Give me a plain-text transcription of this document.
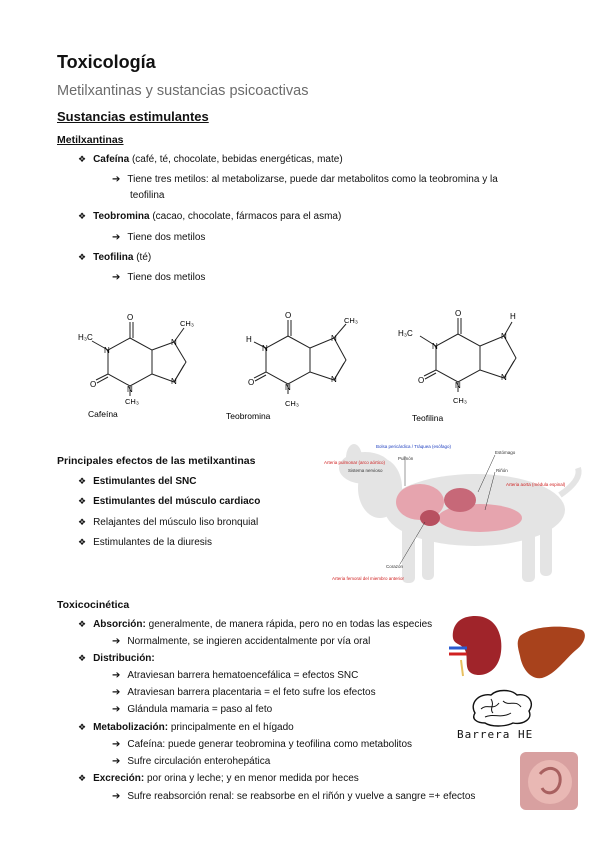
Toxicología
Metilxantinas y sustancias psicoactivas
Sustancias estimulantes
Metilxantinas
❖ Cafeína (café, té, chocolate, bebidas energéticas, mate)
➔ Tiene tres metilos: al metabolizarse, puede dar metabolitos como la teobromina y la
teofilina
❖ Teobromina (cacao, chocolate, fármacos para el asma)
➔ Tiene dos metilos
❖ Teofilina (té)
➔ Tiene dos metilos
O
O
H₃C
N
N
CH₃
N
CH₃
N
Cafeína
O
O
H
N
N
CH₃
N
CH₃
N
Teobromina
O
O
H₃C
N
N
CH₃
N
H
N
Teofilina
Principales efectos de las metilxantinas
❖ Estimulantes del SNC
❖ Estimulantes del músculo cardiaco
❖ Relajantes del músculo liso bronquial
❖ Estimulantes de la diuresis
Bolsa pericárdica / Tráquea (esófago)
Pulmón
Sistema nervioso
Arteria pulmonar (arco aórtico)
Estómago
Riñón
Arteria aorta (médula espinal)
Corazón
Arteria femoral del miembro anterior
Toxicocinética
❖ Absorción: generalmente, de manera rápida, pero no en todas las especies
➔ Normalmente, se ingieren accidentalmente por vía oral
❖ Distribución:
➔ Atraviesan barrera hematoencefálica = efectos SNC
➔ Atraviesan barrera placentaria = el feto sufre los efectos
➔ Glándula mamaria = paso al feto
❖ Metabolización: principalmente en el hígado
➔ Cafeína: puede generar teobromina y teofilina como metabolitos
➔ Sufre circulación enterohepática
❖ Excreción: por orina y leche; y en menor medida por heces
➔ Sufre reabsorción renal: se reabsorbe en el riñón y vuelve a sangre =+ efectos
Barrera HE
